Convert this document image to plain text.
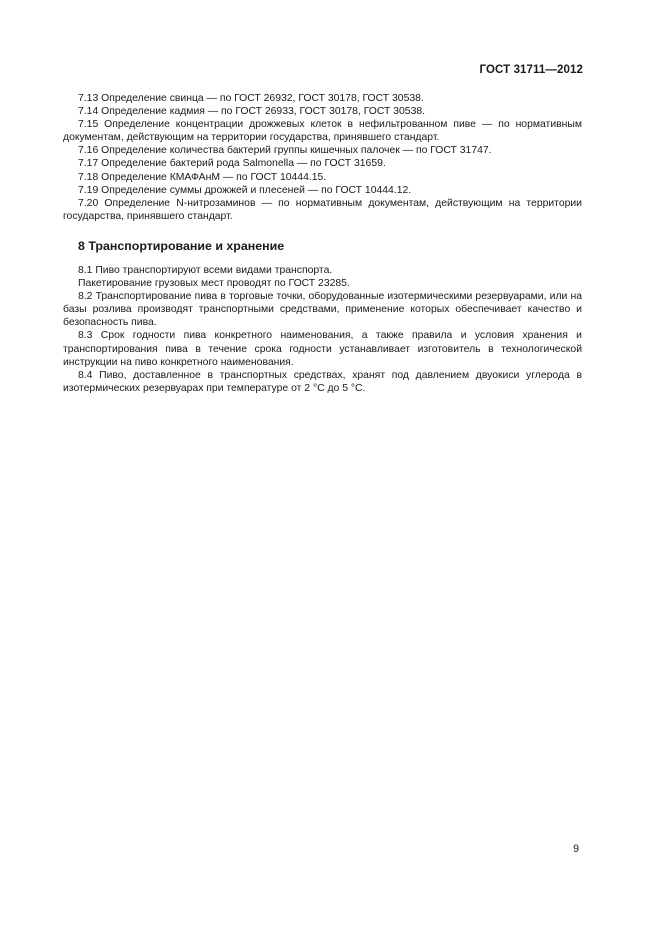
ГОСТ 31711—2012

7.13 Определение свинца — по ГОСТ 26932, ГОСТ 30178, ГОСТ 30538.

7.14 Определение кадмия — по ГОСТ 26933, ГОСТ 30178, ГОСТ 30538.

7.15 Определение концентрации дрожжевых клеток в нефильтрованном пиве — по нормативным документам, действующим на территории государства, принявшего стандарт.

7.16 Определение количества бактерий группы кишечных палочек — по ГОСТ 31747.

7.17 Определение бактерий рода Salmonella — по ГОСТ 31659.

7.18 Определение КМАФАнМ — по ГОСТ 10444.15.

7.19 Определение суммы дрожжей и плесеней — по ГОСТ 10444.12.

7.20 Определение N-нитрозаминов — по нормативным документам, действующим на территории государства, принявшего стандарт.

8 Транспортирование и хранение

8.1 Пиво транспортируют всеми видами транспорта.

Пакетирование грузовых мест проводят по ГОСТ 23285.

8.2 Транспортирование пива в торговые точки, оборудованные изотермическими резервуарами, или на базы розлива производят транспортными средствами, применение которых обеспечивает качество и безопасность пива.

8.3 Срок годности пива конкретного наименования, а также правила и условия хранения и транспортирования пива в течение срока годности устанавливает изготовитель в технологической инструкции на пиво конкретного наименования.

8.4 Пиво, доставленное в транспортных средствах, хранят под давлением двуокиси углерода в изотермических резервуарах при температуре от 2 °С до 5 °С.

9
